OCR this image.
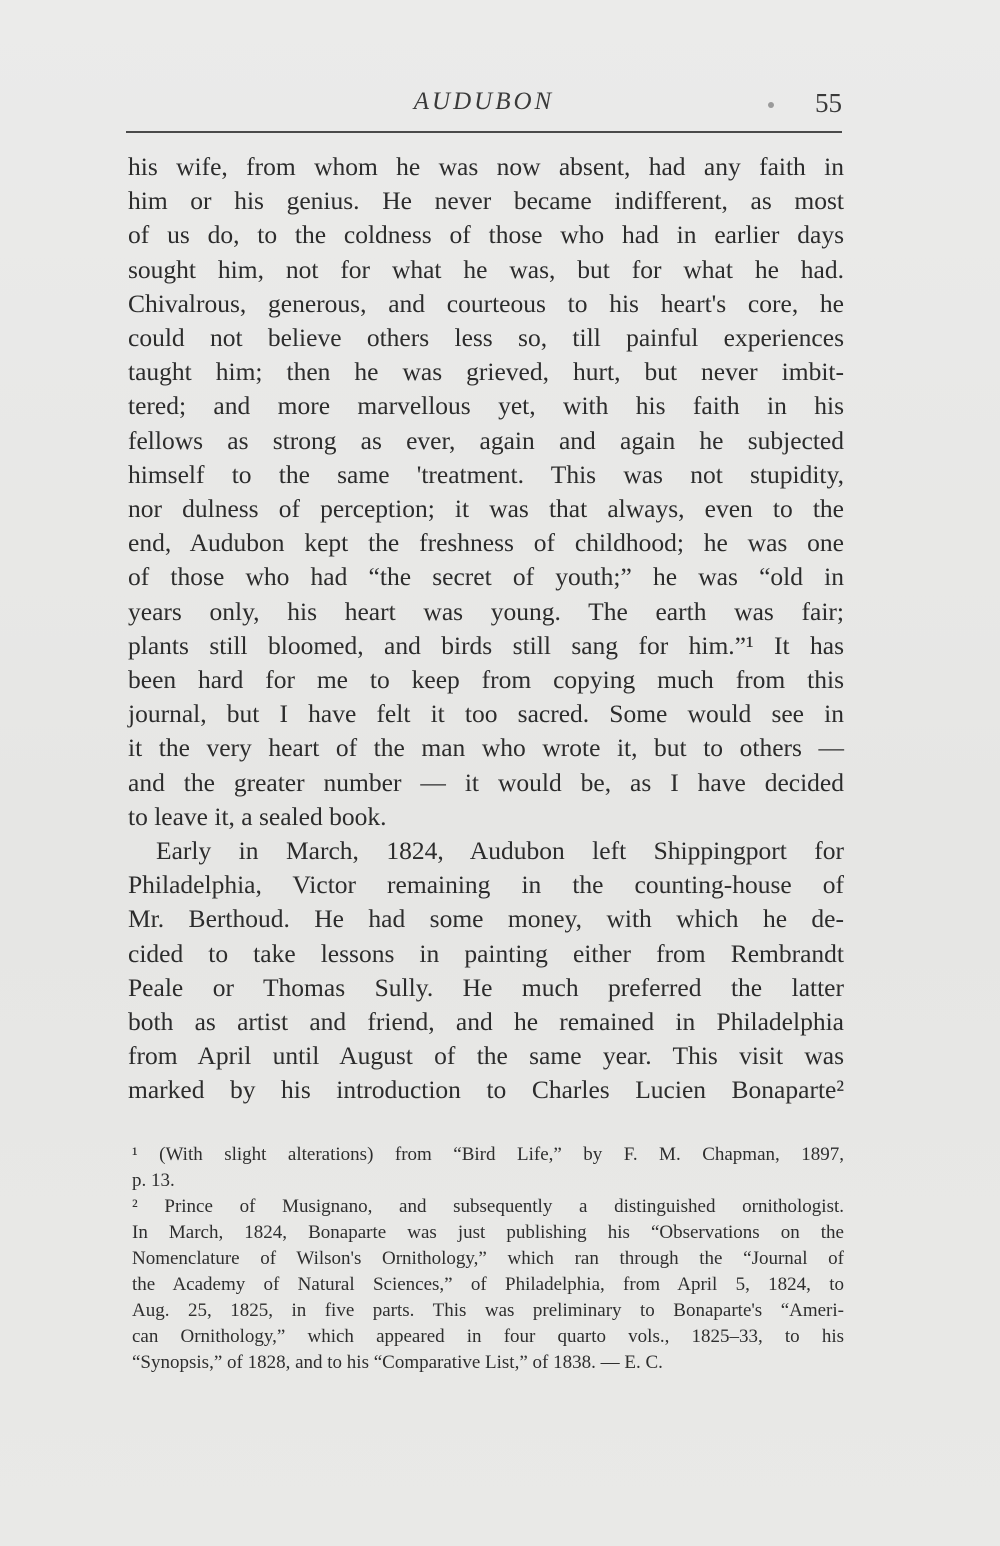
AUDUBON	55
his wife, from whom he was now absent, had any faith in
him or his genius. He never became indifferent, as most
of us do, to the coldness of those who had in earlier days
sought him, not for what he was, but for what he had.
Chivalrous, generous, and courteous to his heart's core, he
could not believe others less so, till painful experiences
taught him; then he was grieved, hurt, but never imbit-
tered; and more marvellous yet, with his faith in his
fellows as strong as ever, again and again he subjected
himself to the same 'treatment. This was not stupidity,
nor dulness of perception; it was that always, even to the
end, Audubon kept the freshness of childhood; he was one
of those who had “the secret of youth;” he was “old in
years only, his heart was young. The earth was fair;
plants still bloomed, and birds still sang for him.”¹ It has
been hard for me to keep from copying much from this
journal, but I have felt it too sacred. Some would see in
it the very heart of the man who wrote it, but to others —
and the greater number — it would be, as I have decided
to leave it, a sealed book.
Early in March, 1824, Audubon left Shippingport for
Philadelphia, Victor remaining in the counting-house of
Mr. Berthoud. He had some money, with which he de-
cided to take lessons in painting either from Rembrandt
Peale or Thomas Sully. He much preferred the latter
both as artist and friend, and he remained in Philadelphia
from April until August of the same year. This visit was
marked by his introduction to Charles Lucien Bonaparte²
¹ (With slight alterations) from “Bird Life,” by F. M. Chapman, 1897,
p. 13.
² Prince of Musignano, and subsequently a distinguished ornithologist.
In March, 1824, Bonaparte was just publishing his “Observations on the
Nomenclature of Wilson's Ornithology,” which ran through the “Journal of
the Academy of Natural Sciences,” of Philadelphia, from April 5, 1824, to
Aug. 25, 1825, in five parts. This was preliminary to Bonaparte's “Ameri-
can Ornithology,” which appeared in four quarto vols., 1825–33, to his
“Synopsis,” of 1828, and to his “Comparative List,” of 1838. — E. C.
